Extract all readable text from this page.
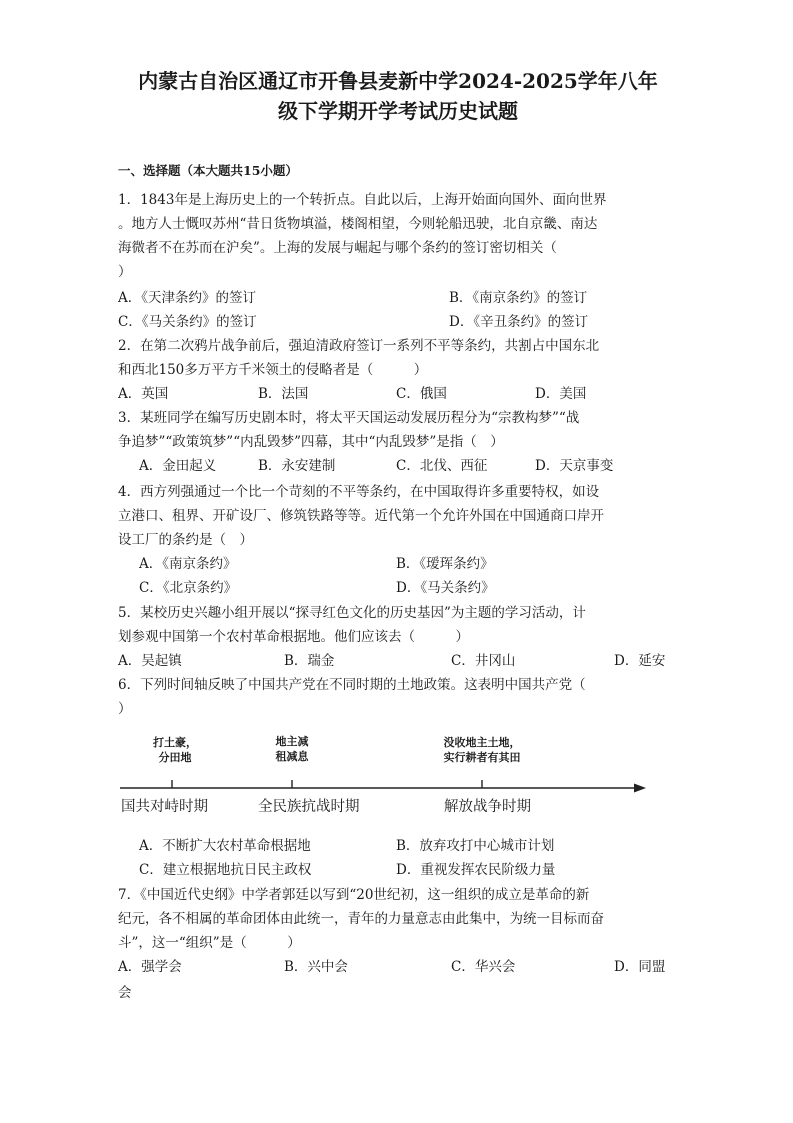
内蒙古自治区通辽市开鲁县麦新中学2024-2025学年八年
级下学期开学考试历史试题
一、选择题（本大题共15小题）
1．1843年是上海历史上的一个转折点。自此以后，上海开始面向国外、面向世界
。地方人士慨叹苏州“昔日货物填溢，楼阁相望，今则轮船迅驶，北自京畿、南达
海微者不在苏而在沪矣”。上海的发展与崛起与哪个条约的签订密切相关（
）
A．《天津条约》的签订	B．《南京条约》的签订
C．《马关条约》的签订	D．《辛丑条约》的签订
2．在第二次鸦片战争前后，强迫清政府签订一系列不平等条约，共割占中国东北
和西北150多万平方千米领土的侵略者是（　　　）
A．英国	B．法国	C．俄国	D．美国
3．某班同学在编写历史剧本时，将太平天国运动发展历程分为“宗教构梦”“战
争追梦”“政策筑梦”“内乱毁梦”四幕，其中“内乱毁梦”是指（　）
A．金田起义	B．永安建制	C．北伐、西征	D．天京事变
4．西方列强通过一个比一个苛刻的不平等条约，在中国取得许多重要特权，如设
立港口、租界、开矿设厂、修筑铁路等等。近代第一个允许外国在中国通商口岸开
设工厂的条约是（　）
A．《南京条约》	B．《瑷珲条约》
C．《北京条约》	D．《马关条约》
5．某校历史兴趣小组开展以“探寻红色文化的历史基因”为主题的学习活动，计
划参观中国第一个农村革命根据地。他们应该去（　　　）
A．吴起镇	B．瑞金	C．井冈山	D．延安
6．下列时间轴反映了中国共产党在不同时期的土地政策。这表明中国共产党（
）
打土豪，
分田地
地主减
租减息
没收地主土地，
实行耕者有其田
国共对峙时期	全民族抗战时期	解放战争时期
A．不断扩大农村革命根据地	B．放弃攻打中心城市计划
C．建立根据地抗日民主政权	D．重视发挥农民阶级力量
7．《中国近代史纲》中学者郭廷以写到“20世纪初，这一组织的成立是革命的新
纪元，各不相属的革命团体由此统一，青年的力量意志由此集中，为统一目标而奋
斗”，这一“组织”是（　　　）
A．强学会	B．兴中会	C．华兴会	D．同盟
会
